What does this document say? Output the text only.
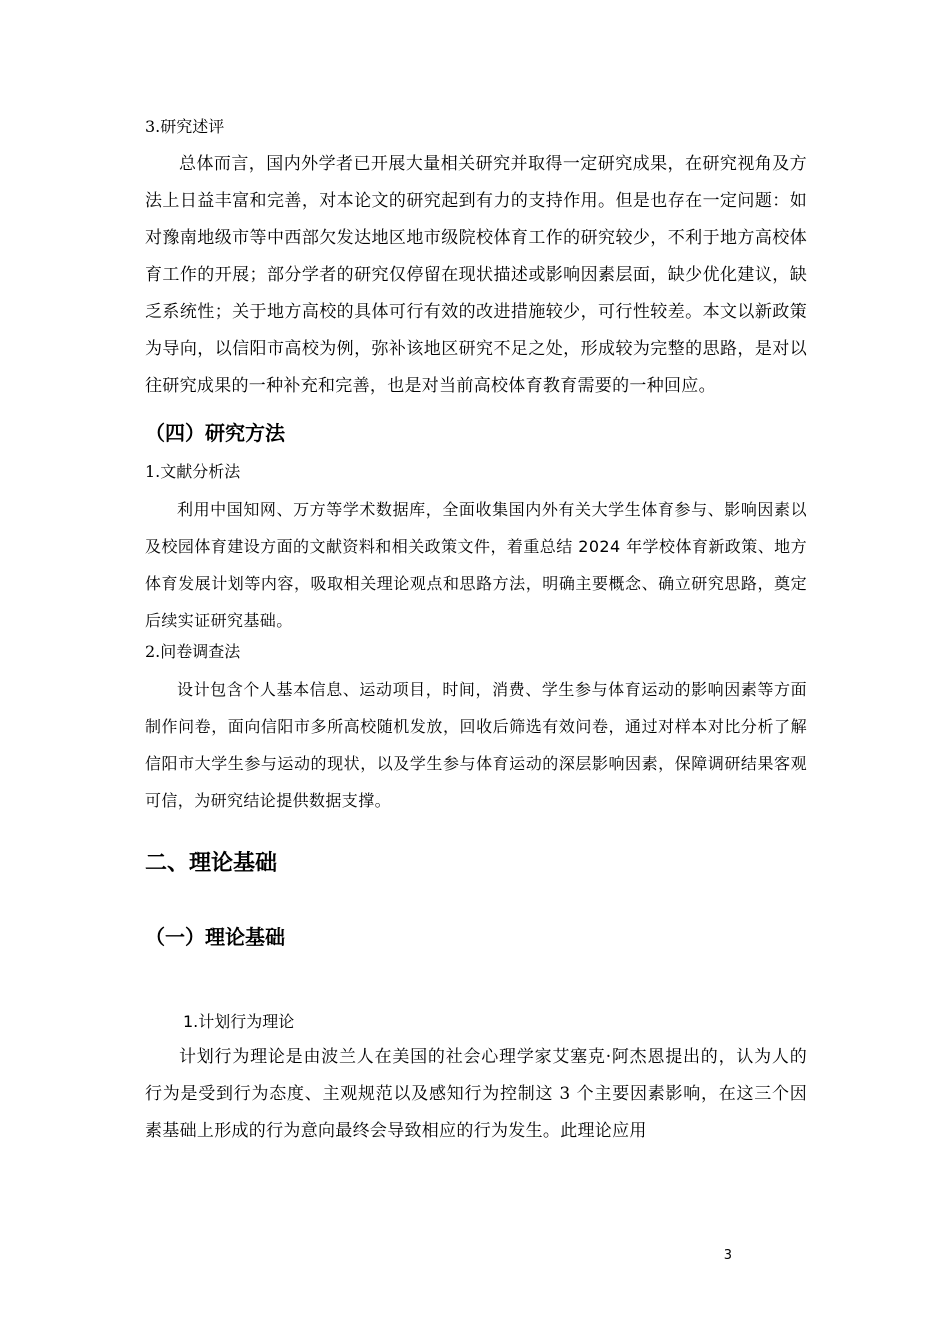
3.研究述评

总体而言，国内外学者已开展大量相关研究并取得一定研究成果，在研究视角及方法上日益丰富和完善，对本论文的研究起到有力的支持作用。但是也存在一定问题：如对豫南地级市等中西部欠发达地区地市级院校体育工作的研究较少，不利于地方高校体育工作的开展；部分学者的研究仅停留在现状描述或影响因素层面，缺少优化建议，缺乏系统性；关于地方高校的具体可行有效的改进措施较少，可行性较差。本文以新政策为导向，以信阳市高校为例，弥补该地区研究不足之处，形成较为完整的思路，是对以往研究成果的一种补充和完善，也是对当前高校体育教育需要的一种回应。

（四）研究方法
1.文献分析法

利用中国知网、万方等学术数据库，全面收集国内外有关大学生体育参与、影响因素以及校园体育建设方面的文献资料和相关政策文件，着重总结 2024 年学校体育新政策、地方体育发展计划等内容，吸取相关理论观点和思路方法，明确主要概念、确立研究思路，奠定后续实证研究基础。

2.问卷调查法

设计包含个人基本信息、运动项目，时间，消费、学生参与体育运动的影响因素等方面制作问卷，面向信阳市多所高校随机发放，回收后筛选有效问卷，通过对样本对比分析了解信阳市大学生参与运动的现状，以及学生参与体育运动的深层影响因素，保障调研结果客观可信，为研究结论提供数据支撑。

二、理论基础
（一）理论基础
1.计划行为理论

计划行为理论是由波兰人在美国的社会心理学家艾塞克·阿杰恩提出的，认为人的行为是受到行为态度、主观规范以及感知行为控制这 3 个主要因素影响，在这三个因素基础上形成的行为意向最终会导致相应的行为发生。此理论应用

3
